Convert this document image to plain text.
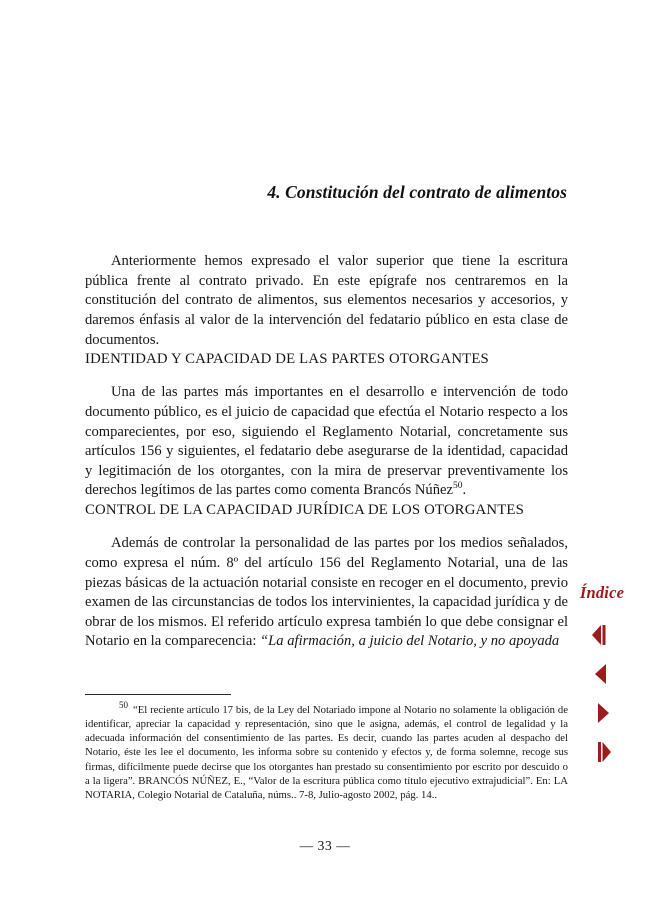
4. Constitución del contrato de alimentos

Anteriormente hemos expresado el valor superior que tiene la escritura pública frente al contrato privado. En este epígrafe nos centraremos en la constitución del contrato de alimentos, sus elementos necesarios y accesorios, y daremos énfasis al valor de la intervención del fedatario público en esta clase de documentos.

IDENTIDAD Y CAPACIDAD DE LAS PARTES OTORGANTES

Una de las partes más importantes en el desarrollo e intervención de todo documento público, es el juicio de capacidad que efectúa el Notario respecto a los comparecientes, por eso, siguiendo el Reglamento Notarial, concretamente sus artículos 156 y siguientes, el fedatario debe asegurarse de la identidad, capacidad y legitimación de los otorgantes, con la mira de preservar preventivamente los derechos legítimos de las partes como comenta Brancós Núñez$^{50}$.

CONTROL DE LA CAPACIDAD JURÍDICA DE LOS OTORGANTES

Además de controlar la personalidad de las partes por los medios señalados, como expresa el núm. 8º del artículo 156 del Reglamento Notarial, una de las piezas básicas de la actuación notarial consiste en recoger en el documento, previo examen de las circunstancias de todos los intervinientes, la capacidad jurídica y de obrar de los mismos. El referido artículo expresa también lo que debe consignar el Notario en la comparecencia: “La afirmación, a juicio del Notario, y no apoyada

$^{50}$ “El reciente artículo 17 bis, de la Ley del Notariado impone al Notario no solamente la obligación de identificar, apreciar la capacidad y representación, sino que le asigna, además, el control de legalidad y la adecuada información del consentimiento de las partes. Es decir, cuando las partes acuden al despacho del Notario, éste les lee el documento, les informa sobre su contenido y efectos y, de forma solemne, recoge sus firmas, difícilmente puede decirse que los otorgantes han prestado su consentimiento por escrito por descuido o a la ligera”. BRANCÓS NÚÑEZ, E., “Valor de la escritura pública como título ejecutivo extrajudicial”. En: LA NOTARIA, Colegio Notarial de Cataluña, núms.. 7-8, Julio-agosto 2002, pág. 14..
— 33 —
Índice
